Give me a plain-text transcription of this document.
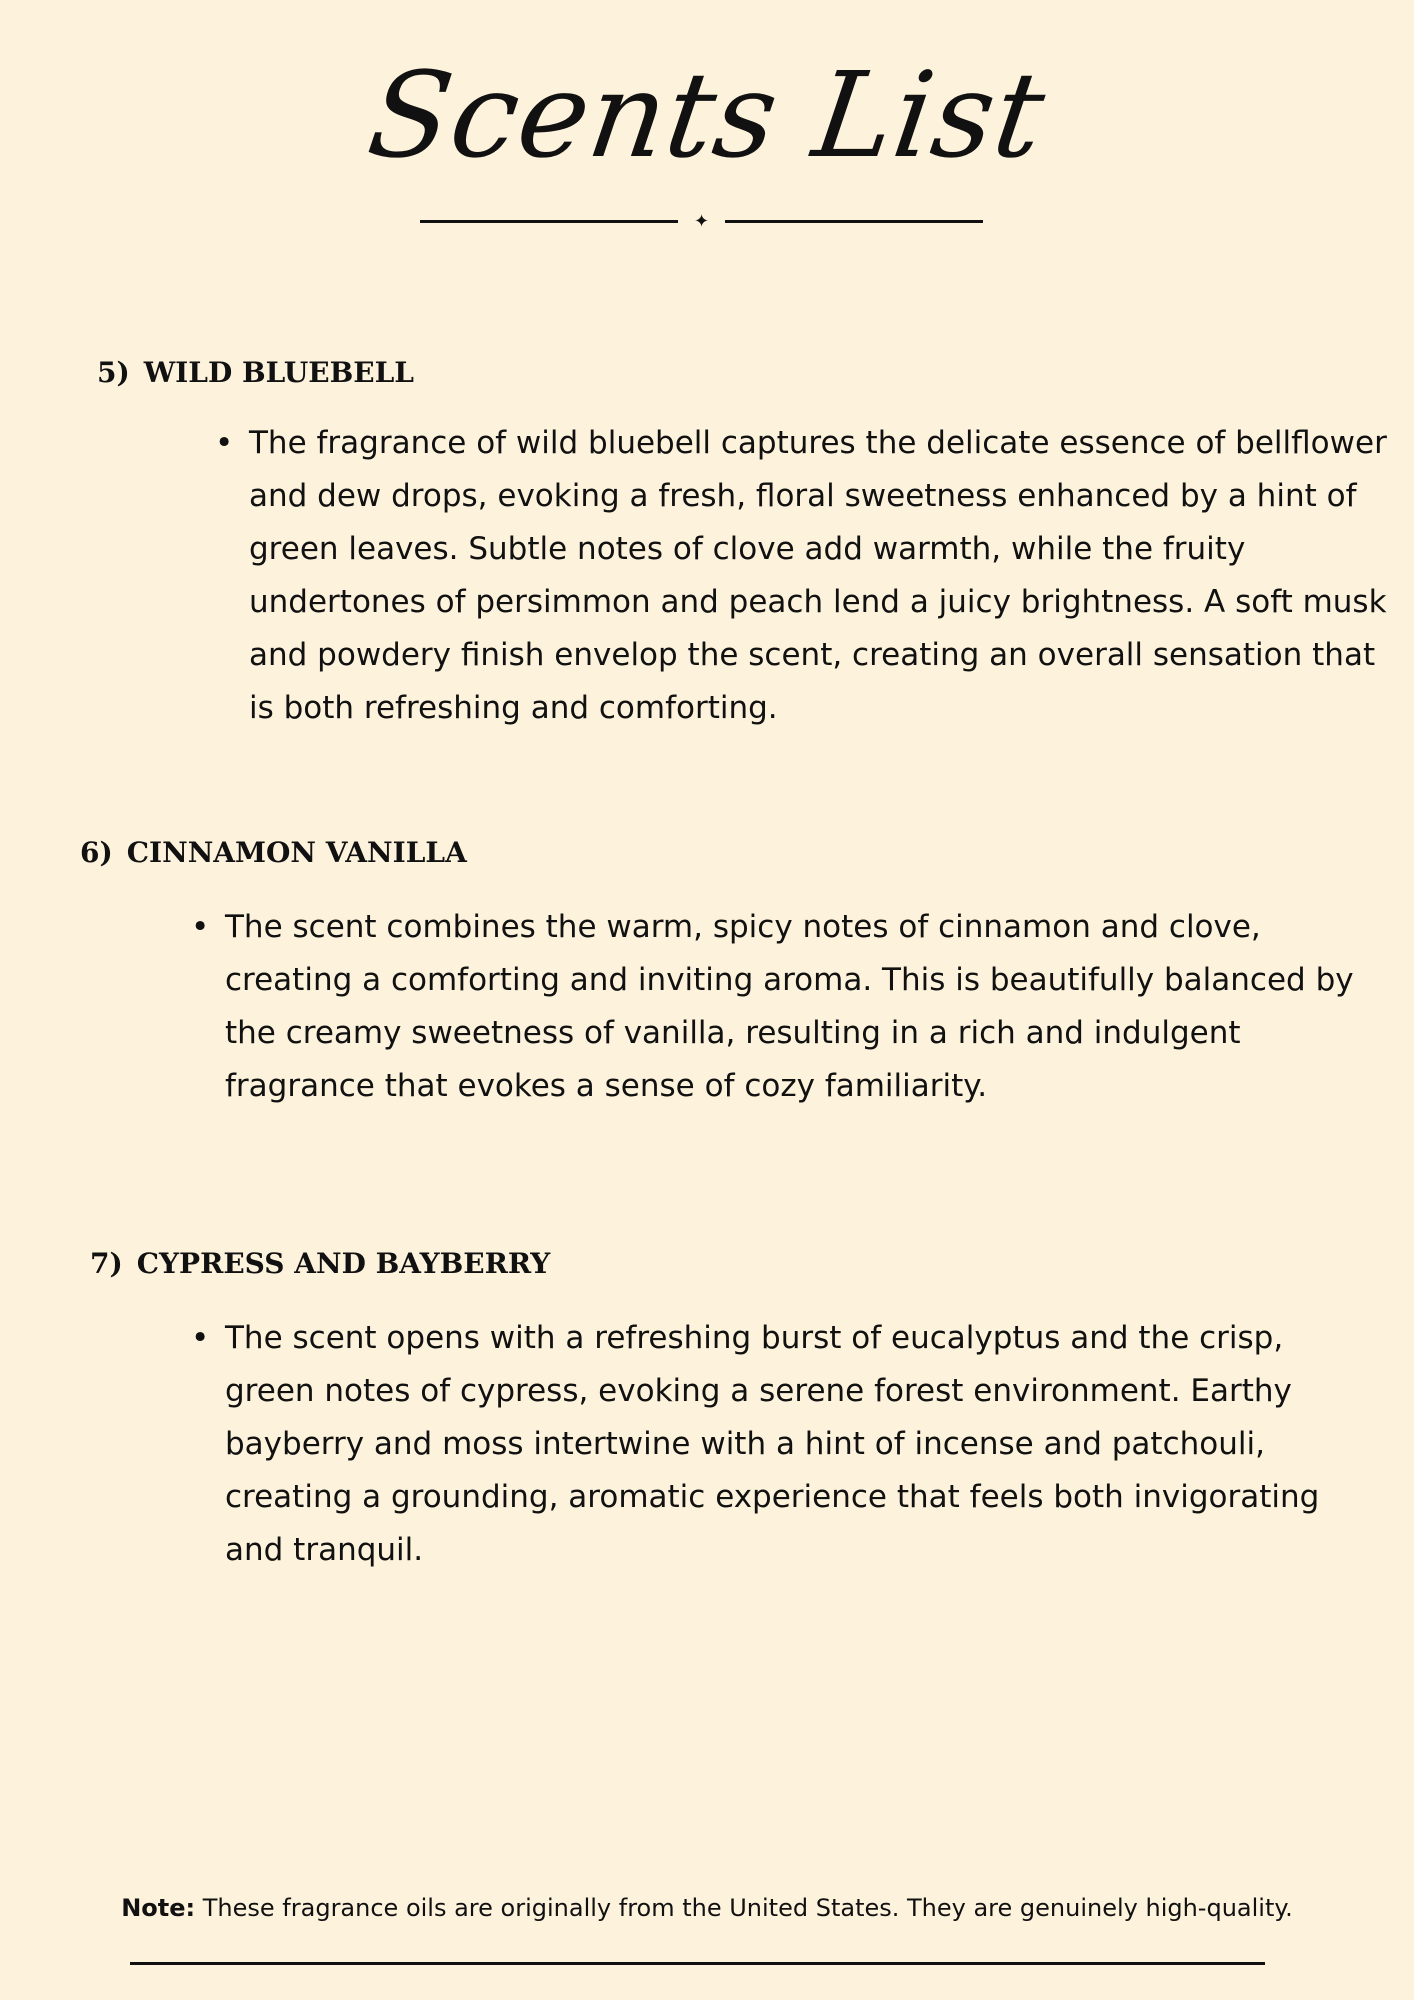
Scents List
✦
5) WILD BLUEBELL
• The fragrance of wild bluebell captures the delicate essence of bellflower and dew drops, evoking a fresh, floral sweetness enhanced by a hint of green leaves. Subtle notes of clove add warmth, while the fruity undertones of persimmon and peach lend a juicy brightness. A soft musk and powdery finish envelop the scent, creating an overall sensation that is both refreshing and comforting.
6) CINNAMON VANILLA
• The scent combines the warm, spicy notes of cinnamon and clove, creating a comforting and inviting aroma. This is beautifully balanced by the creamy sweetness of vanilla, resulting in a rich and indulgent fragrance that evokes a sense of cozy familiarity.
7) CYPRESS AND BAYBERRY
• The scent opens with a refreshing burst of eucalyptus and the crisp, green notes of cypress, evoking a serene forest environment. Earthy bayberry and moss intertwine with a hint of incense and patchouli, creating a grounding, aromatic experience that feels both invigorating and tranquil.

Note: These fragrance oils are originally from the United States. They are genuinely high-quality.
